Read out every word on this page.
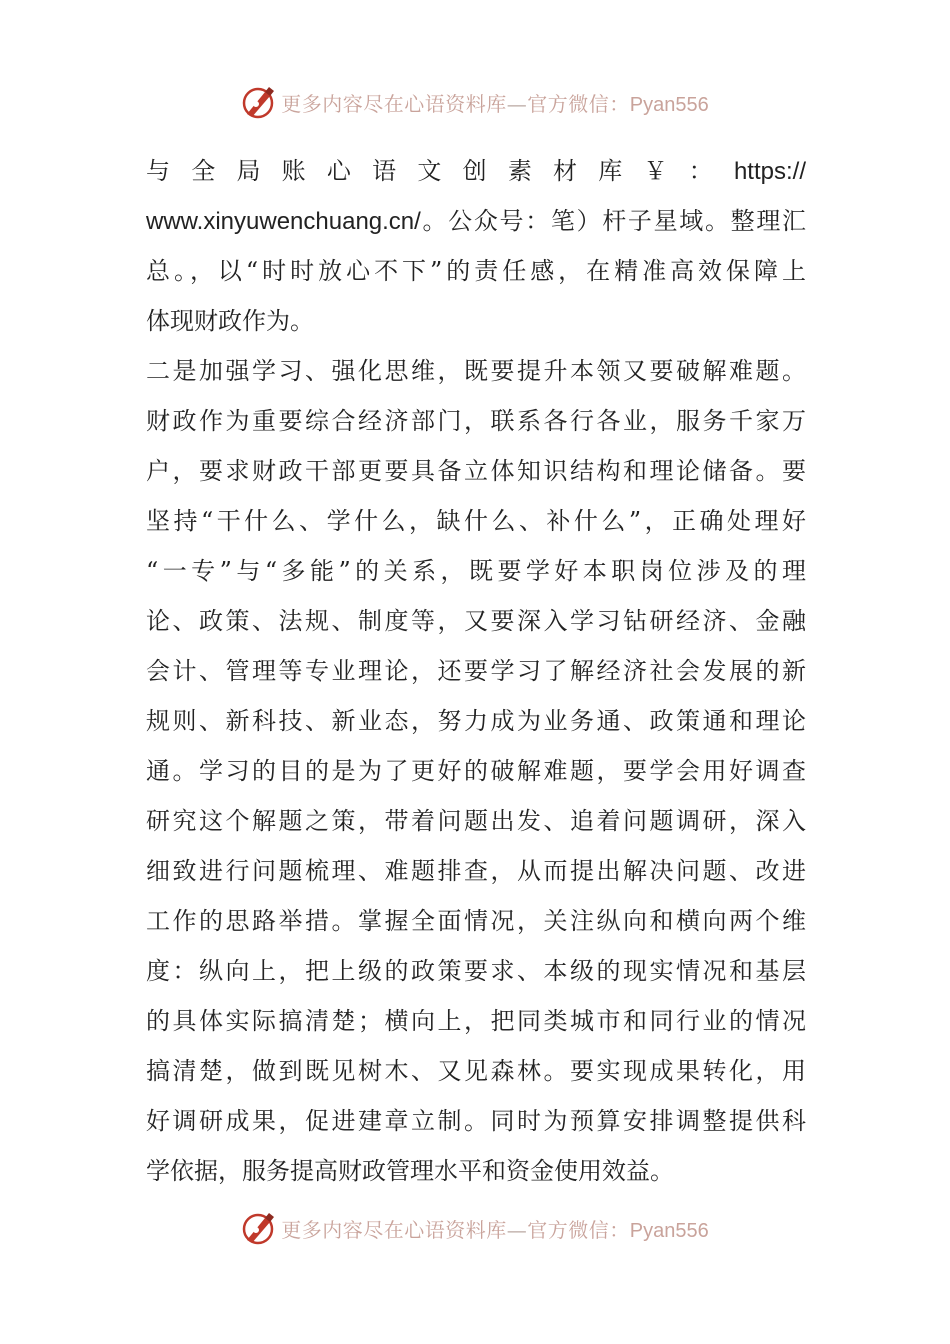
更多内容尽在心语资料库—官方微信：Pyan556
与全局账心语文创素材库￥：https://
www.xinyuwenchuang.cn/。公众号：笔）杆子星域。整理汇
总。，以“时时放心不下”的责任感，在精准高效保障上
体现财政作为。
二是加强学习、强化思维，既要提升本领又要破解难题。
财政作为重要综合经济部门，联系各行各业，服务千家万
户，要求财政干部更要具备立体知识结构和理论储备。要
坚持“干什么、学什么，缺什么、补什么”，正确处理好
“一专”与“多能”的关系，既要学好本职岗位涉及的理
论、政策、法规、制度等，又要深入学习钻研经济、金融
会计、管理等专业理论，还要学习了解经济社会发展的新
规则、新科技、新业态，努力成为业务通、政策通和理论
通。学习的目的是为了更好的破解难题，要学会用好调查
研究这个解题之策，带着问题出发、追着问题调研，深入
细致进行问题梳理、难题排查，从而提出解决问题、改进
工作的思路举措。掌握全面情况，关注纵向和横向两个维
度：纵向上，把上级的政策要求、本级的现实情况和基层
的具体实际搞清楚；横向上，把同类城市和同行业的情况
搞清楚，做到既见树木、又见森林。要实现成果转化，用
好调研成果，促进建章立制。同时为预算安排调整提供科
学依据，服务提高财政管理水平和资金使用效益。
更多内容尽在心语资料库—官方微信：Pyan556
